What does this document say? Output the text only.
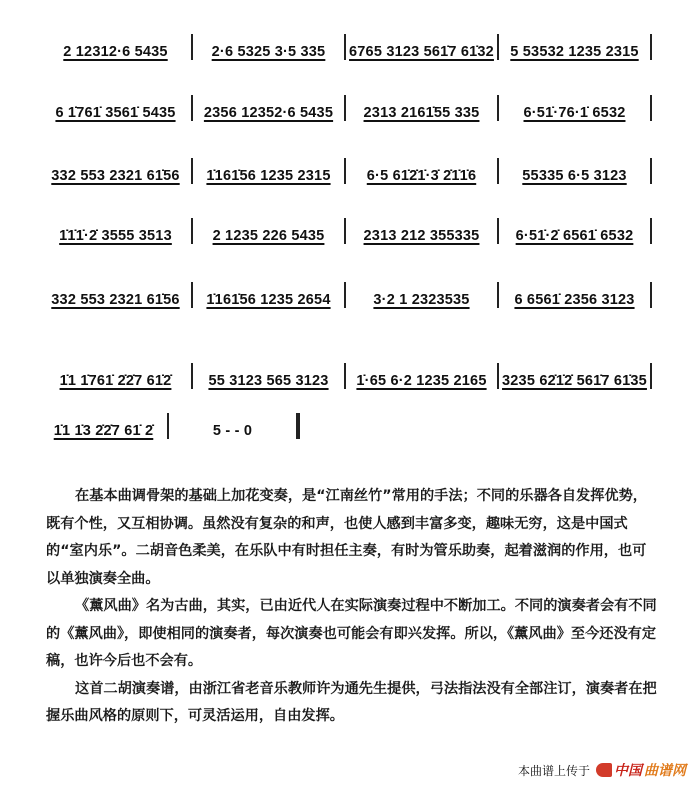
2 12312·6 5435	2·6 5325 3·5 335 6765 3123 561̇7 61̇32 5 53532 1235 2315
6 1̇761̇ 3561̇ 5435 2356 12352·6 5435 2313 2161̇55 335	6·51̇·76·1̇ 6532
332 553 2321 61̇56 1̇161̇56 1235 2315 6·5 61̇2̇1̇·3̇ 2̇1̇1̇6	55335 6·5 3123
1̇1̇1̇·2̇ 3555 3513	2 1235 226 5435	2313 212 355335 6·51̇·2̇ 6561̇ 6532
332 553 2321 61̇56 1̇161̇56 1235 2654	3·2 1 2323535	6 6561̇ 2356 3123
1̇1 1̇761̇ 2̇2̇7 61̇2̇	55 3123 565 3123 1̇·65 6·2 1235 2165 3235 62̇1̇2̇ 561̇7 61̇35
1̇1 1̇3 2̇2̇7 61̇ 2̇	5 - - 0

在基本曲调骨架的基础上加花变奏，是“江南丝竹”常用的手法；不同的乐器各自发挥优势，既有个性，又互相协调。虽然没有复杂的和声，也使人感到丰富多变，趣味无穷，这是中国式的“室内乐”。二胡音色柔美，在乐队中有时担任主奏，有时为管乐助奏，起着滋润的作用，也可以单独演奏全曲。

《薰风曲》名为古曲，其实，已由近代人在实际演奏过程中不断加工。不同的演奏者会有不同的《薰风曲》，即使相同的演奏者，每次演奏也可能会有即兴发挥。所以，《薰风曲》至今还没有定稿，也许今后也不会有。

这首二胡演奏谱，由浙江省老音乐教师许为通先生提供，弓法指法没有全部注订，演奏者在把握乐曲风格的原则下，可灵活运用，自由发挥。

本曲谱上传于 中国 曲谱网
